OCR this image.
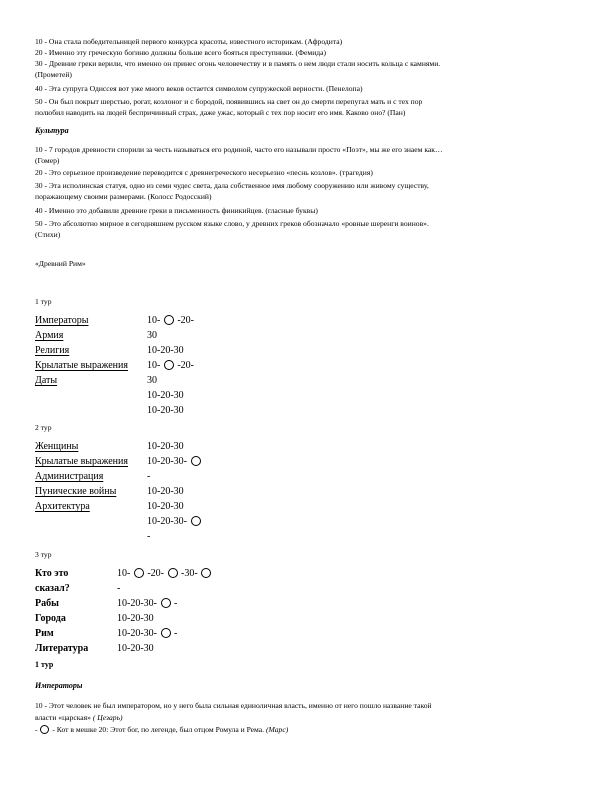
10 - Она стала победительницей первого конкурса красоты, известного историкам. (Афродита)
20 - Именно эту греческую богиню должны больше всего бояться преступники. (Фемида)
30 - Древние греки верили, что именно он принес огонь человечеству и в память о нем люди стали носить кольца с камнями.
(Прометей)
40 - Эта супруга Одиссея вот уже много веков остается символом супружеской верности. (Пенелопа)
50 - Он был покрыт шерстью, рогат, козлоног и с бородой, появившись на свет он до смерти перепугал мать и с тех пор
полюбил наводить на людей беспричинный страх, даже ужас, который с тех пор носит его имя. Каково оно? (Пан)
Культура
10 - 7 городов древности спорили за честь называться его родиной, часто его называли просто «Поэт», мы же его знаем как…
(Гомер)
20 - Это серьезное произведение переводится с древнегреческого несерьезно «песнь козлов». (трагедия)
30 - Эта исполинская статуя, одно из семи чудес света, дала собственное имя любому сооружению или живому существу,
поражающему своими размерами. (Колосс Родосский)
40 - Именно это добавили древние греки в письменность финикийцев. (гласные буквы)
50 - Это абсолютно мирное в сегодняшнем русском языке слово, у древних греков обозначало «ровные шеренги воинов».
(Стихи)
«Древний Рим»
1 тур
Императоры	10-  -20-
Армия	30
Религия	10-20-30
Крылатые выражения 10-  -20-
Даты	30
10-20-30
10-20-30
2 тур
Женщины	10-20-30
Крылатые выражения 10-20-30-
Администрация	-
Пунические войны	10-20-30
Архитектура	10-20-30
10-20-30-
-
3 тур
Кто это	10-  -20-  -30-
сказал?	-
Рабы	10-20-30-  -
Города	10-20-30
Рим	10-20-30-  -
Литература	10-20-30
1 тур
Императоры
10 - Этот человек не был императором, но у него была сильная единоличная власть, именно от него пошло название такой
власти «царская» ( Цезарь)
-  - Кот в мешке 20: Этот бог, по легенде, был отцом Ромула и Рема. (Марс)
